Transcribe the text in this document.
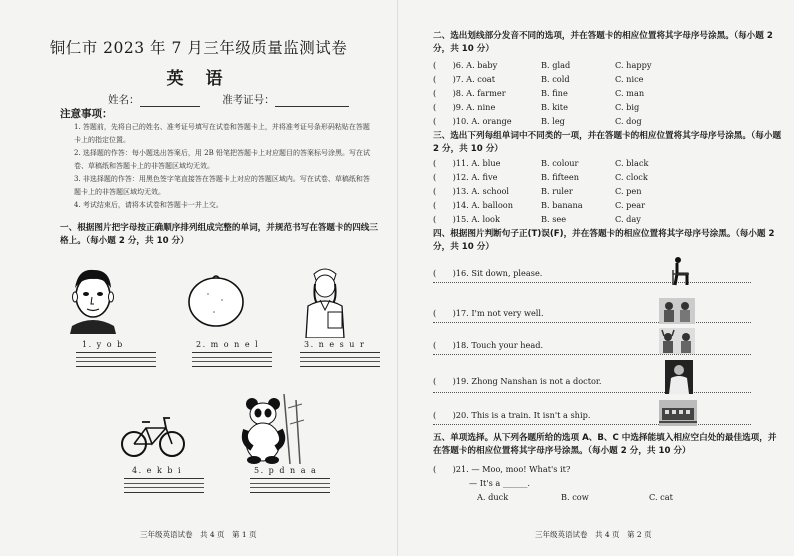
铜仁市 2023 年 7 月三年级质量监测试卷
英 语
姓名：	准考证号：
注意事项：
1. 答题前，先将自己的姓名、准考证号填写在试卷和答题卡上，并将准考证号条形码粘贴在答题卡上的指定位置。
2. 选择题的作答：每小题选出答案后，用 2B 铅笔把答题卡上对应题目的答案标号涂黑。写在试卷、草稿纸和答题卡上的非答题区域均无效。
3. 非选择题的作答：用黑色签字笔直接答在答题卡上对应的答题区域内。写在试卷、草稿纸和答题卡上的非答题区域均无效。
4. 考试结束后，请将本试卷和答题卡一并上交。
一、根据图片把字母按正确顺序排列组成完整的单词，并规范书写在答题卡的四线三格上。（每小题 2 分，共 10 分）
1. y o b	2. m o n e l	3. n e s u r
4. e k b i	5. p d n a a
三年级英语试卷　共 4 页　第 1 页
二、选出划线部分发音不同的选项，并在答题卡的相应位置将其字母序号涂黑。（每小题 2 分，共 10 分）
(　　)6. A. baby	B. glad	C. happy
(　　)7. A. coat	B. cold	C. nice
(　　)8. A. farmer	B. fine	C. man
(　　)9. A. nine	B. kite	C. big
(　　)10. A. orange	B. leg	C. dog
三、选出下列每组单词中不同类的一项，并在答题卡的相应位置将其字母序号涂黑。（每小题 2 分，共 10 分）
(　　)11. A. blue	B. colour	C. black
(　　)12. A. five	B. fifteen	C. clock
(　　)13. A. school	B. ruler	C. pen
(　　)14. A. balloon	B. banana	C. pear
(　　)15. A. look	B. see	C. day
四、根据图片判断句子正(T)误(F)，并在答题卡的相应位置将其字母序号涂黑。（每小题 2 分，共 10 分）
(　　)16. Sit down, please.
(　　)17. I'm not very well.
(　　)18. Touch your head.
(　　)19. Zhong Nanshan is not a doctor.
(　　)20. This is a train. It isn't a ship.
五、单项选择。从下列各题所给的选项 A、B、C 中选择能填入相应空白处的最佳选项，并在答题卡的相应位置将其字母序号涂黑。（每小题 2 分，共 10 分）
(　　)21. — Moo, moo! What's it?
— It's a ______.
A. duck	B. cow	C. cat
三年级英语试卷　共 4 页　第 2 页
